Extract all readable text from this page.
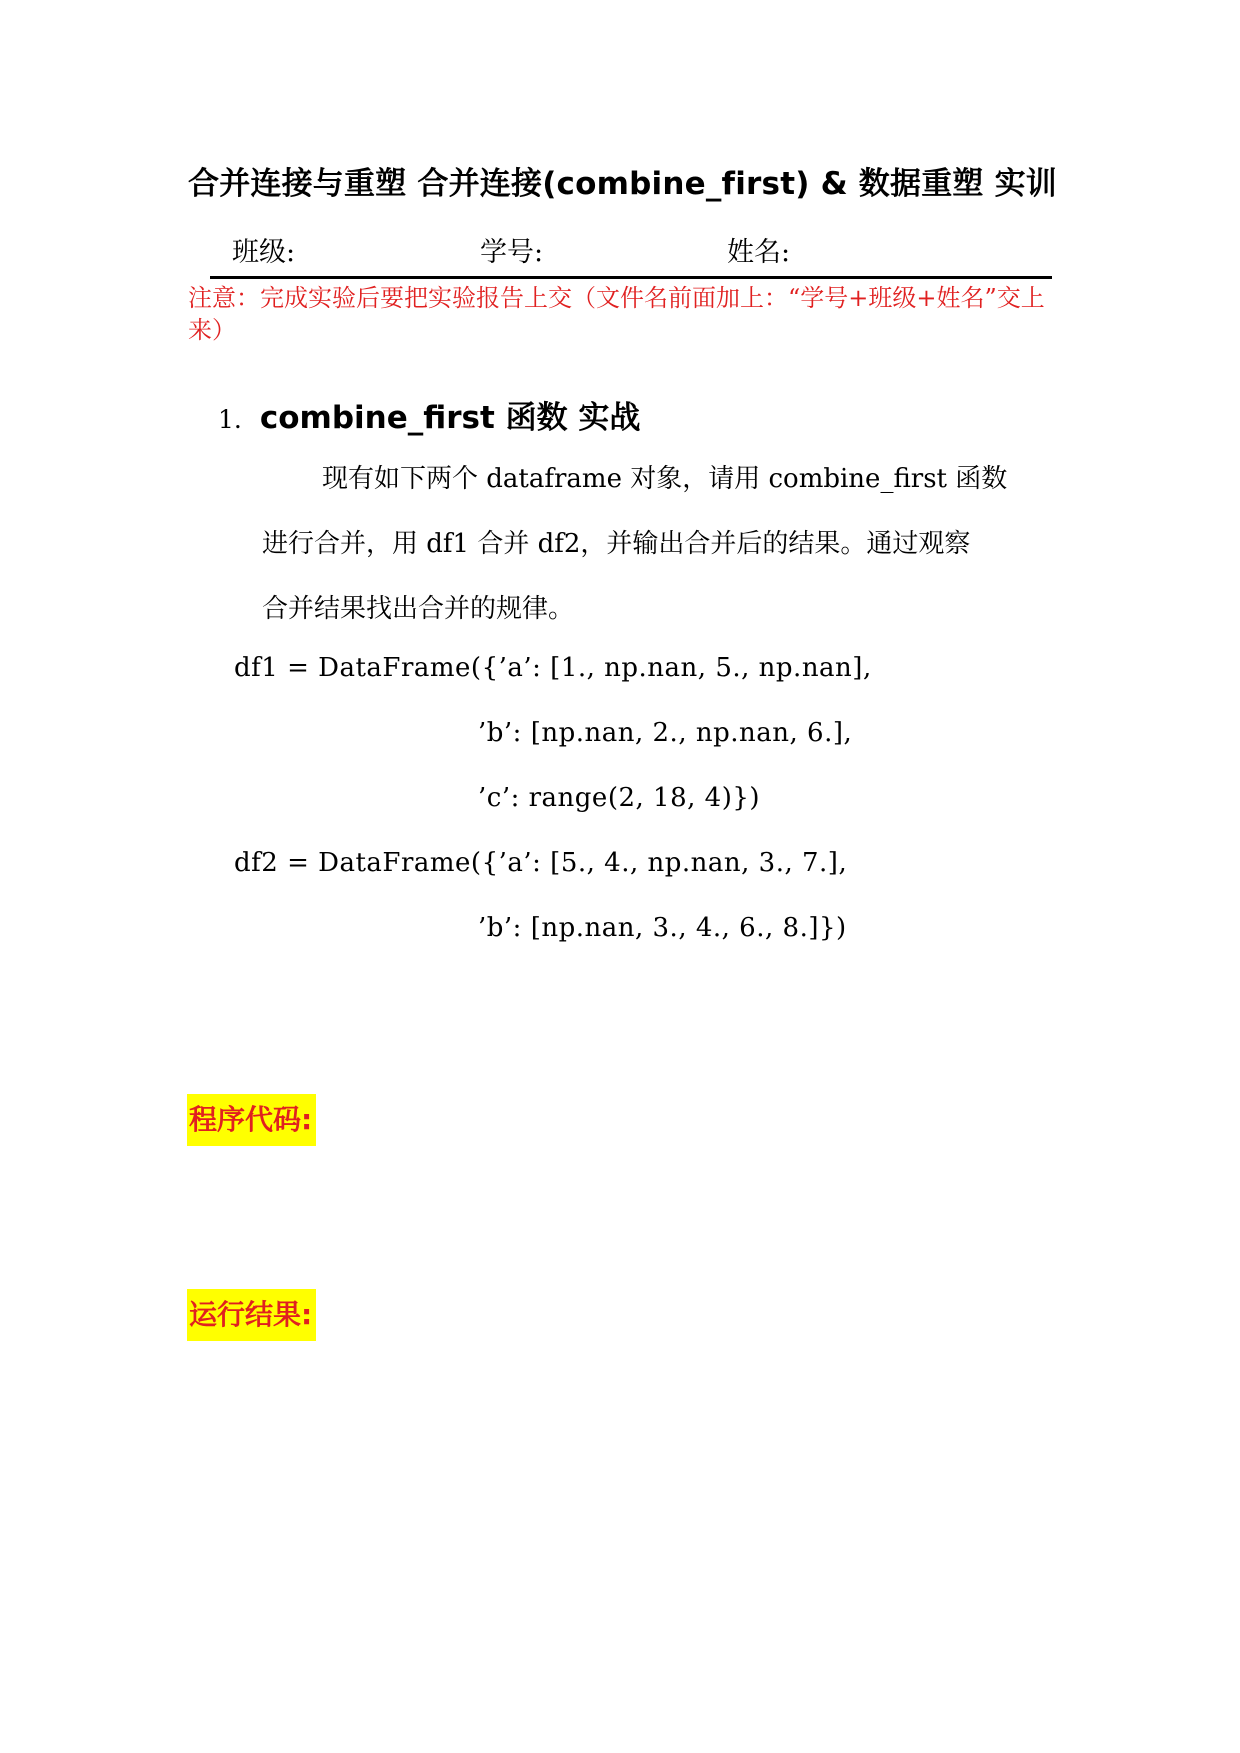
合并连接与重塑 合并连接(combine_first) & 数据重塑 实训
班级:	学号:	姓名:
注意：完成实验后要把实验报告上交（文件名前面加上：“学号+班级+姓名”交上来）
1. combine_first 函数 实战
现有如下两个 dataframe 对象，请用 combine_first 函数
进行合并，用 df1 合并 df2，并输出合并后的结果。通过观察
合并结果找出合并的规律。
df1 = DataFrame({’a’: [1., np.nan, 5., np.nan],
’b’: [np.nan, 2., np.nan, 6.],
’c’: range(2, 18, 4)})
df2 = DataFrame({’a’: [5., 4., np.nan, 3., 7.],
’b’: [np.nan, 3., 4., 6., 8.]})
程序代码:
运行结果:
